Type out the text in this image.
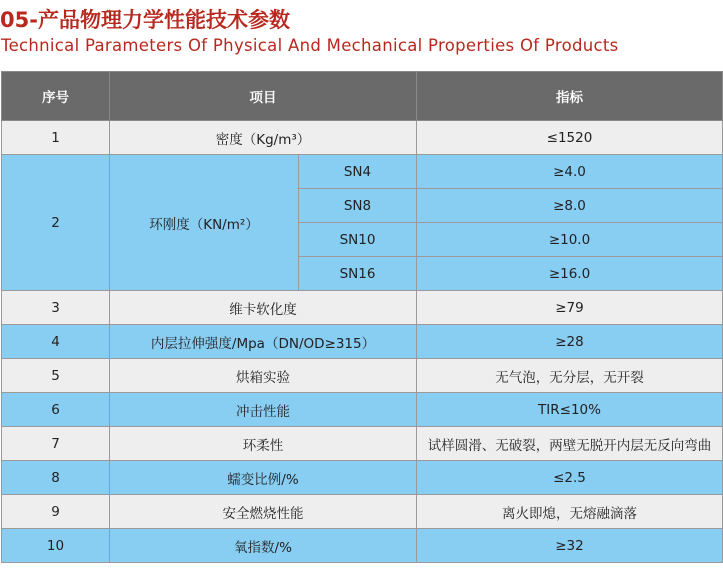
05-产品物理力学性能技术参数
Technical Parameters Of Physical And Mechanical Properties Of Products
序号	项目		指标
1	密度（Kg/m³）		≤1520
2	环刚度（KN/m²）	SN4	≥4.0
		SN8	≥8.0
		SN10	≥10.0
		SN16	≥16.0
3	维卡软化度		≥79
4	内层拉伸强度/Mpa（DN/OD≥315）		≥28
5	烘箱实验		无气泡，无分层，无开裂
6	冲击性能		TIR≤10%
7	环柔性		试样圆滑、无破裂，两壁无脱开内层无反向弯曲
8	蠕变比例/%		≤2.5
9	安全燃烧性能		离火即熄，无熔融滴落
10	氧指数/%		≥32
